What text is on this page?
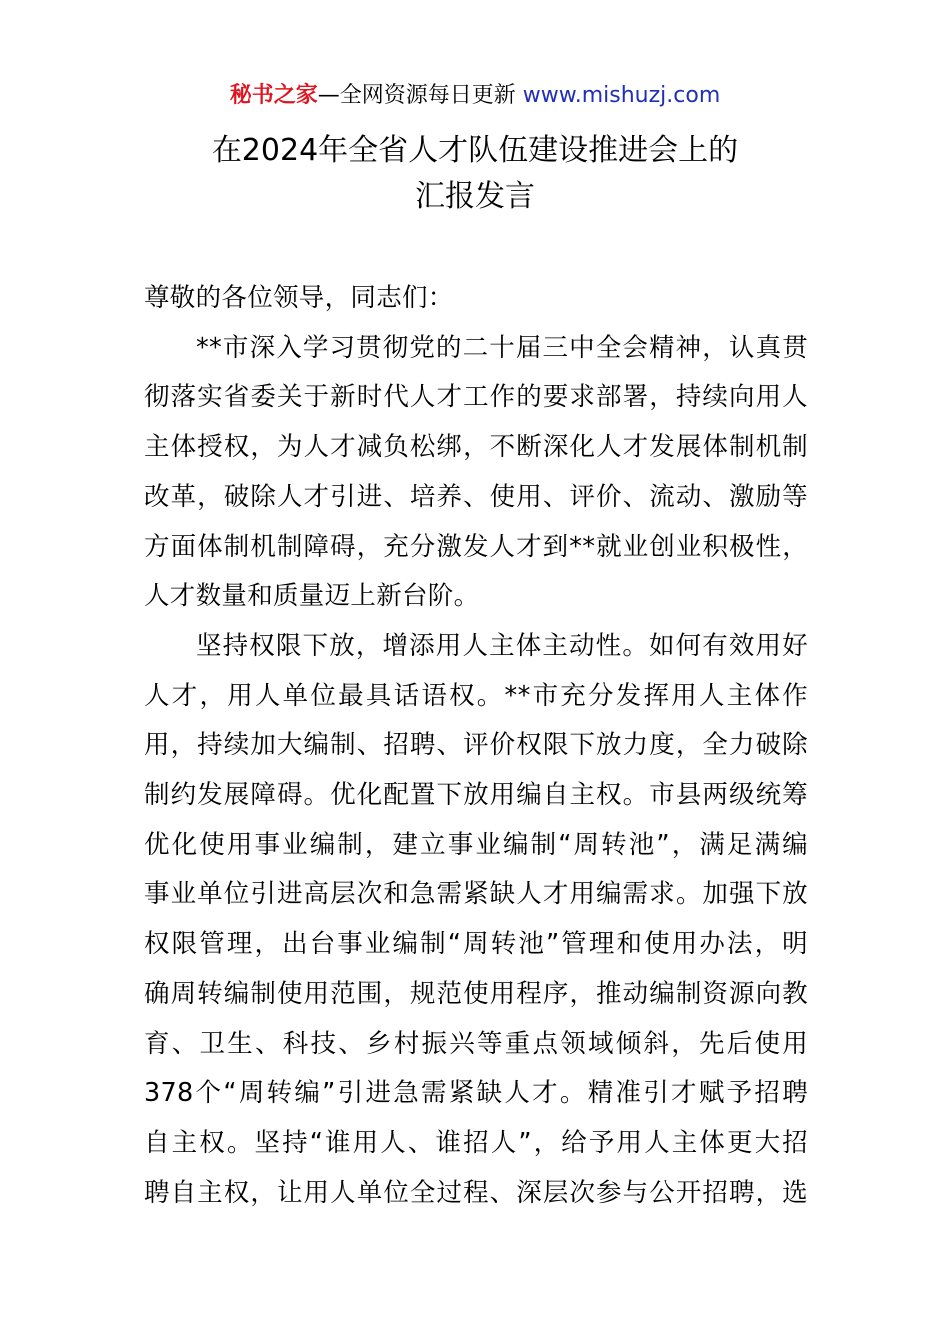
秘书之家—全网资源每日更新 www.mishuzj.com
在2024年全省人才队伍建设推进会上的
汇报发言

尊敬的各位领导，同志们：

**市深入学习贯彻党的二十届三中全会精神，认真贯
彻落实省委关于新时代人才工作的要求部署，持续向用人
主体授权，为人才减负松绑，不断深化人才发展体制机制
改革，破除人才引进、培养、使用、评价、流动、激励等
方面体制机制障碍，充分激发人才到**就业创业积极性，
人才数量和质量迈上新台阶。

坚持权限下放，增添用人主体主动性。如何有效用好
人才，用人单位最具话语权。**市充分发挥用人主体作
用，持续加大编制、招聘、评价权限下放力度，全力破除
制约发展障碍。优化配置下放用编自主权。市县两级统筹
优化使用事业编制，建立事业编制“周转池”，满足满编
事业单位引进高层次和急需紧缺人才用编需求。加强下放
权限管理，出台事业编制“周转池”管理和使用办法，明
确周转编制使用范围，规范使用程序，推动编制资源向教
育、卫生、科技、乡村振兴等重点领域倾斜，先后使用
378个“周转编”引进急需紧缺人才。精准引才赋予招聘
自主权。坚持“谁用人、谁招人”，给予用人主体更大招
聘自主权，让用人单位全过程、深层次参与公开招聘，选
